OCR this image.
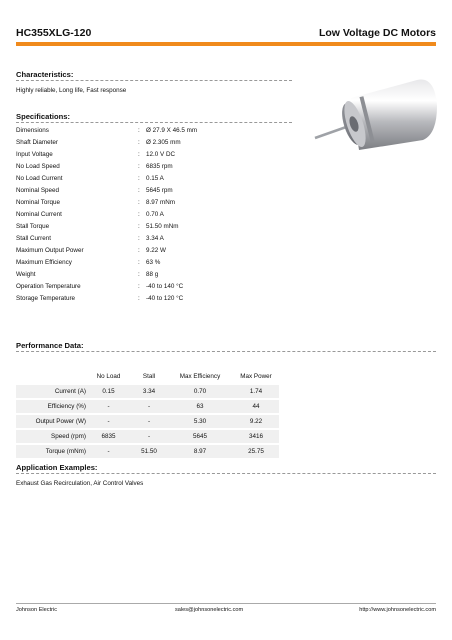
HC355XLG-120	Low Voltage DC Motors
Characteristics:
Highly reliable, Long life, Fast response
Specifications:
Dimensions	: Ø 27.9 X 46.5 mm
Shaft Diameter	: Ø 2.305 mm
Input Voltage	: 12.0 V DC
No Load Speed	: 6835 rpm
No Load Current	: 0.15 A
Nominal Speed	: 5645 rpm
Nominal Torque	: 8.97 mNm
Nominal Current	: 0.70 A
Stall Torque	: 51.50 mNm
Stall Current	: 3.34 A
Maximum Output Power	: 9.22 W
Maximum Efficiency	: 63 %
Weight	: 88 g
Operation Temperature	: -40 to 140 °C
Storage Temperature	: -40 to 120 °C
Performance Data:
	No Load	Stall	Max Efficiency	Max Power
Current (A)	0.15	3.34	0.70	1.74
Efficiency (%)	-	-	63	44
Output Power (W)	-	-	5.30	9.22
Speed (rpm)	6835	-	5645	3416
Torque (mNm)	-	51.50	8.97	25.75
Application Examples:
Exhaust Gas Recirculation, Air Control Valves
Johnson Electric	sales@johnsonelectric.com	http://www.johnsonelectric.com
